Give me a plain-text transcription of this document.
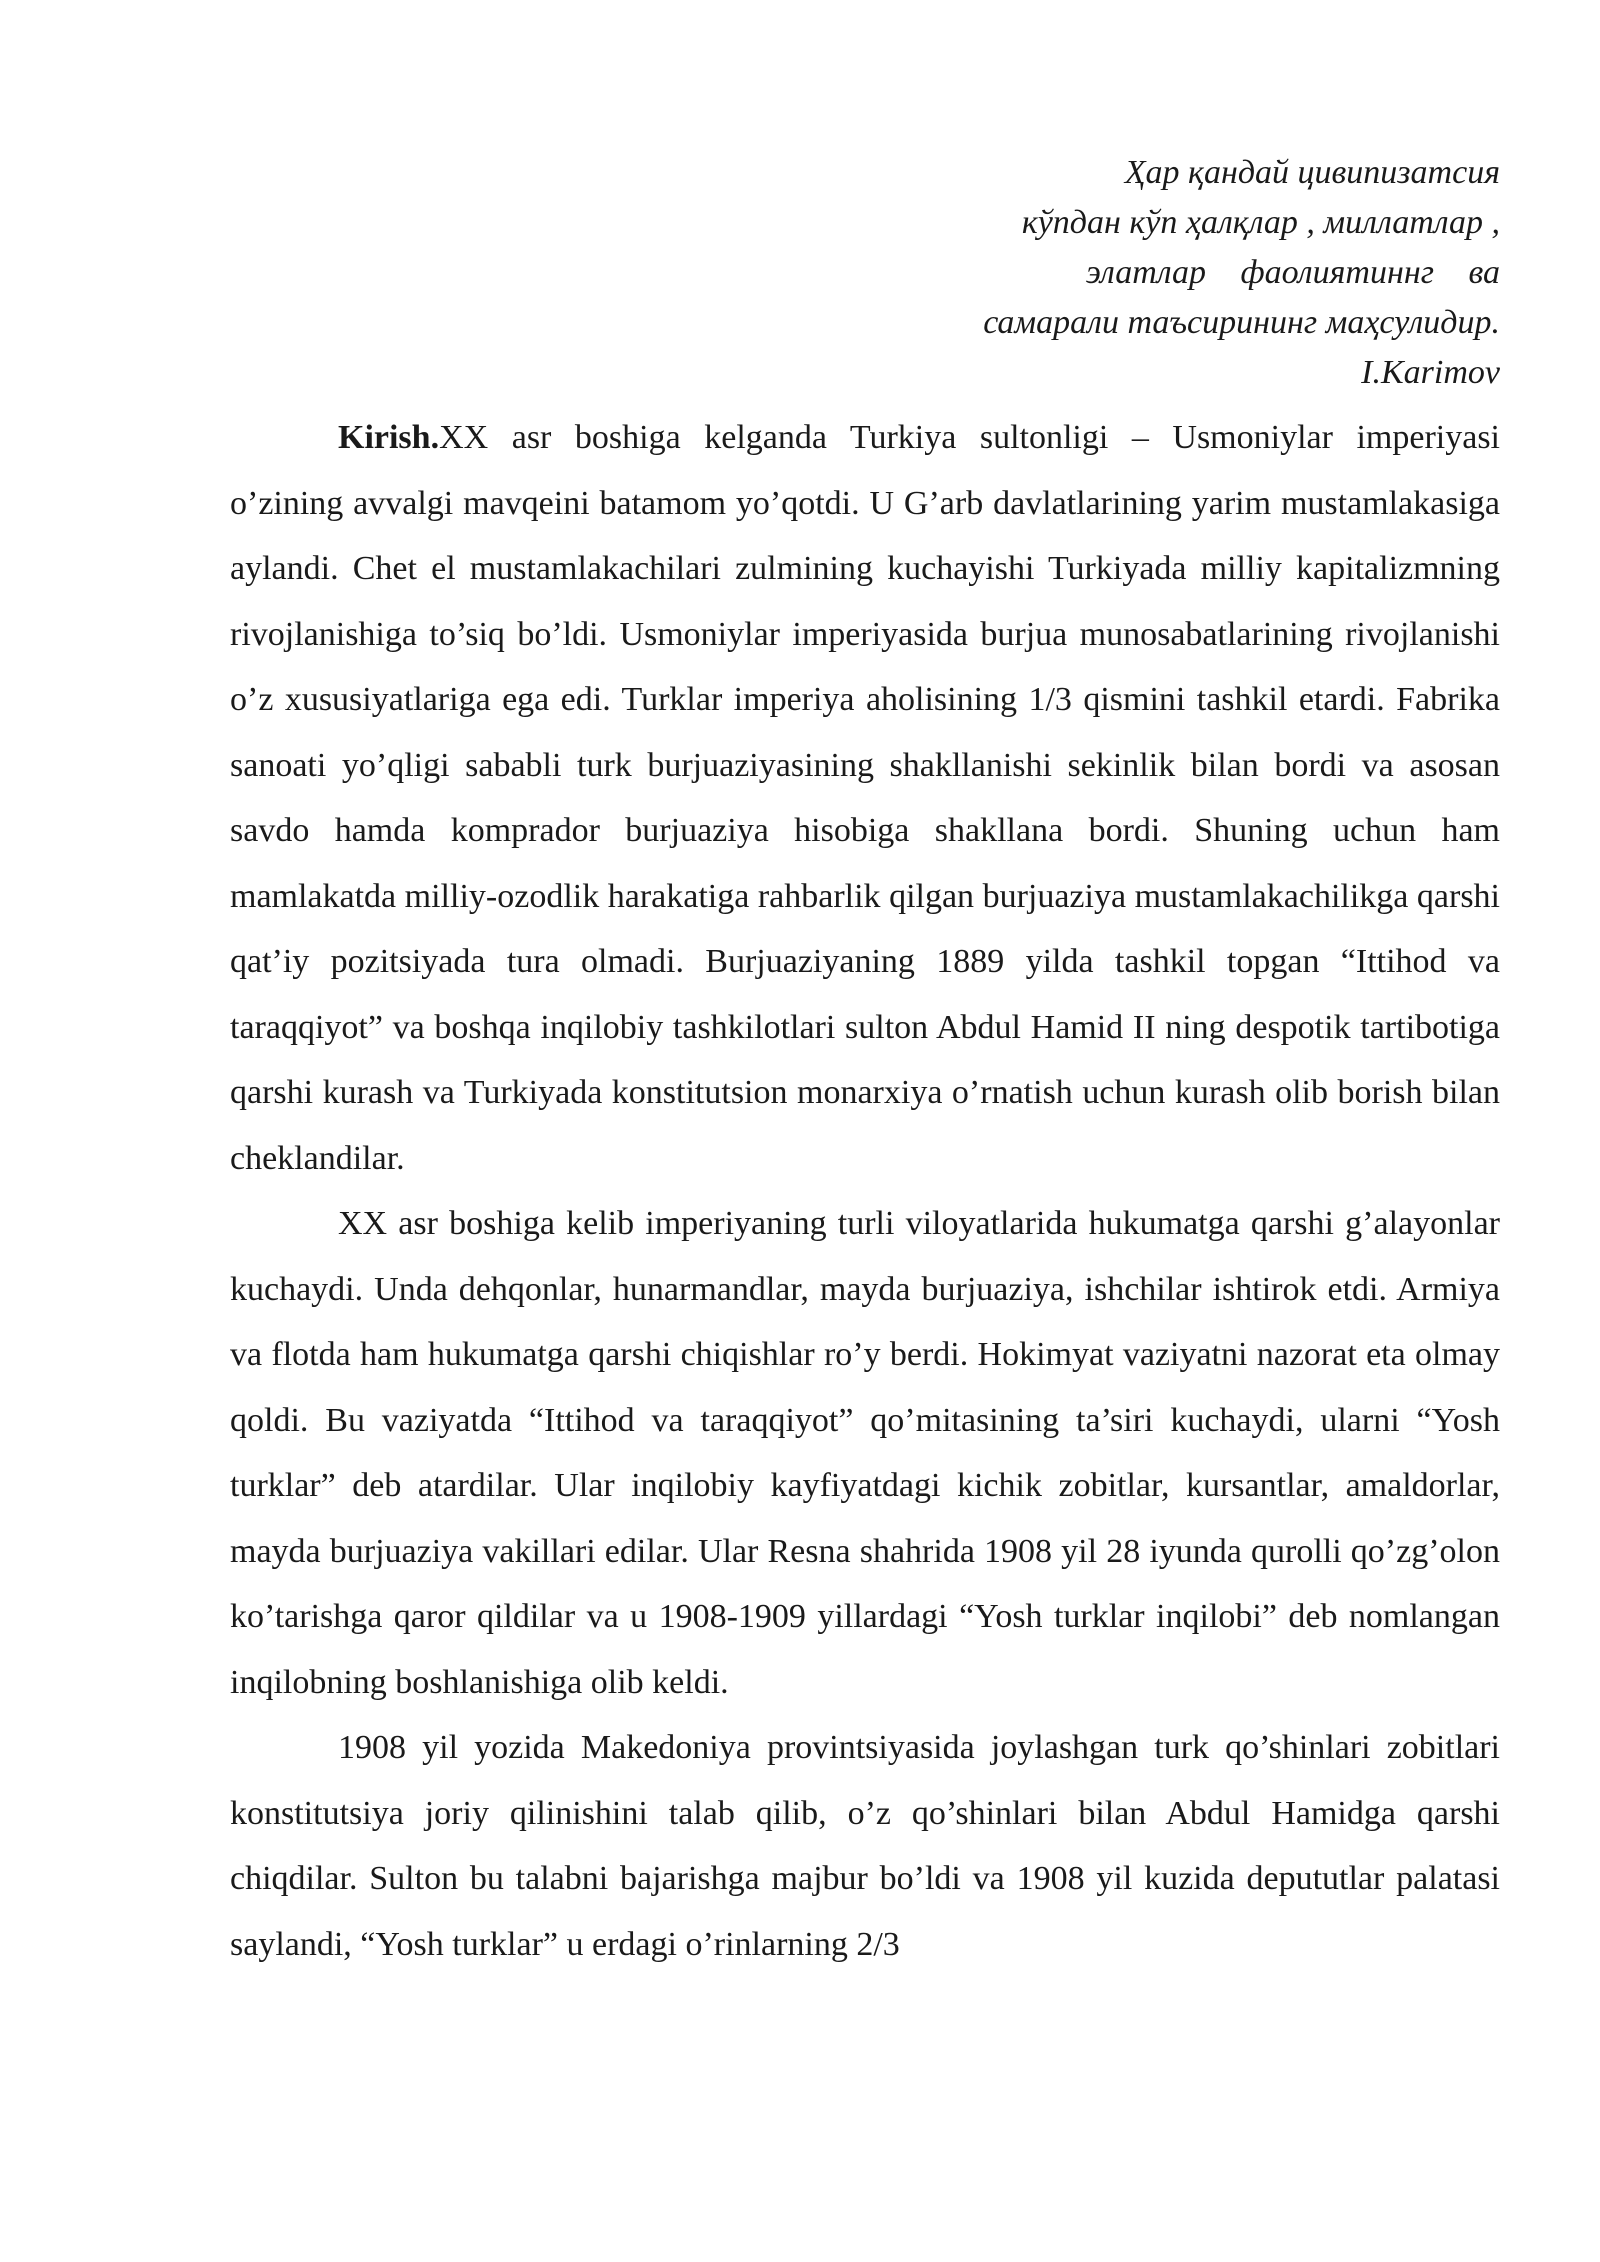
Ҳар қандай цивипизатсия
кўпдан кўп ҳалқлар , миллатлар ,
элатлар фаолиятиннг ва
самарали таъсирининг маҳсулидир.
I.Karimov

Kirish.XX asr boshiga kelganda Turkiya sultonligi – Usmoniylar imperiyasi o’zining avvalgi mavqeini batamom yo’qotdi. U G’arb davlatlarining yarim mustamlakasiga aylandi. Chet el mustamlakachilari zulmining kuchayishi Turkiyada milliy kapitalizmning rivojlanishiga to’siq bo’ldi. Usmoniylar imperiyasida burjua munosabatlarining rivojlanishi o’z xususiyatlariga ega edi. Turklar imperiya aholisining 1/3 qismini tashkil etardi. Fabrika sanoati yo’qligi sababli turk burjuaziyasining shakllanishi sekinlik bilan bordi va asosan savdo hamda komprador burjuaziya hisobiga shakllana bordi. Shuning uchun ham mamlakatda milliy-ozodlik harakatiga rahbarlik qilgan burjuaziya mustamlakachilikga qarshi qat’iy pozitsiyada tura olmadi. Burjuaziyaning 1889 yilda tashkil topgan “Ittihod va taraqqiyot” va boshqa inqilobiy tashkilotlari sulton Abdul Hamid II ning despotik tartibotiga qarshi kurash va Turkiyada konstitutsion monarxiya o’rnatish uchun kurash olib borish bilan cheklandilar.

XX asr boshiga kelib imperiyaning turli viloyatlarida hukumatga qarshi g’alayonlar kuchaydi. Unda dehqonlar, hunarmandlar, mayda burjuaziya, ishchilar ishtirok etdi. Armiya va flotda ham hukumatga qarshi chiqishlar ro’y berdi. Hokimyat vaziyatni nazorat eta olmay qoldi. Bu vaziyatda “Ittihod va taraqqiyot” qo’mitasining ta’siri kuchaydi, ularni “Yosh turklar” deb atardilar. Ular inqilobiy kayfiyatdagi kichik zobitlar, kursantlar, amaldorlar, mayda burjuaziya vakillari edilar. Ular Resna shahrida 1908 yil 28 iyunda qurolli qo’zg’olon ko’tarishga qaror qildilar va u 1908-1909 yillardagi “Yosh turklar inqilobi” deb nomlangan inqilobning boshlanishiga olib keldi.

1908 yil yozida Makedoniya provintsiyasida joylashgan turk qo’shinlari zobitlari konstitutsiya joriy qilinishini talab qilib, o’z qo’shinlari bilan Abdul Hamidga qarshi chiqdilar. Sulton bu talabni bajarishga majbur bo’ldi va 1908 yil kuzida depututlar palatasi saylandi, “Yosh turklar” u erdagi o’rinlarning 2/3
